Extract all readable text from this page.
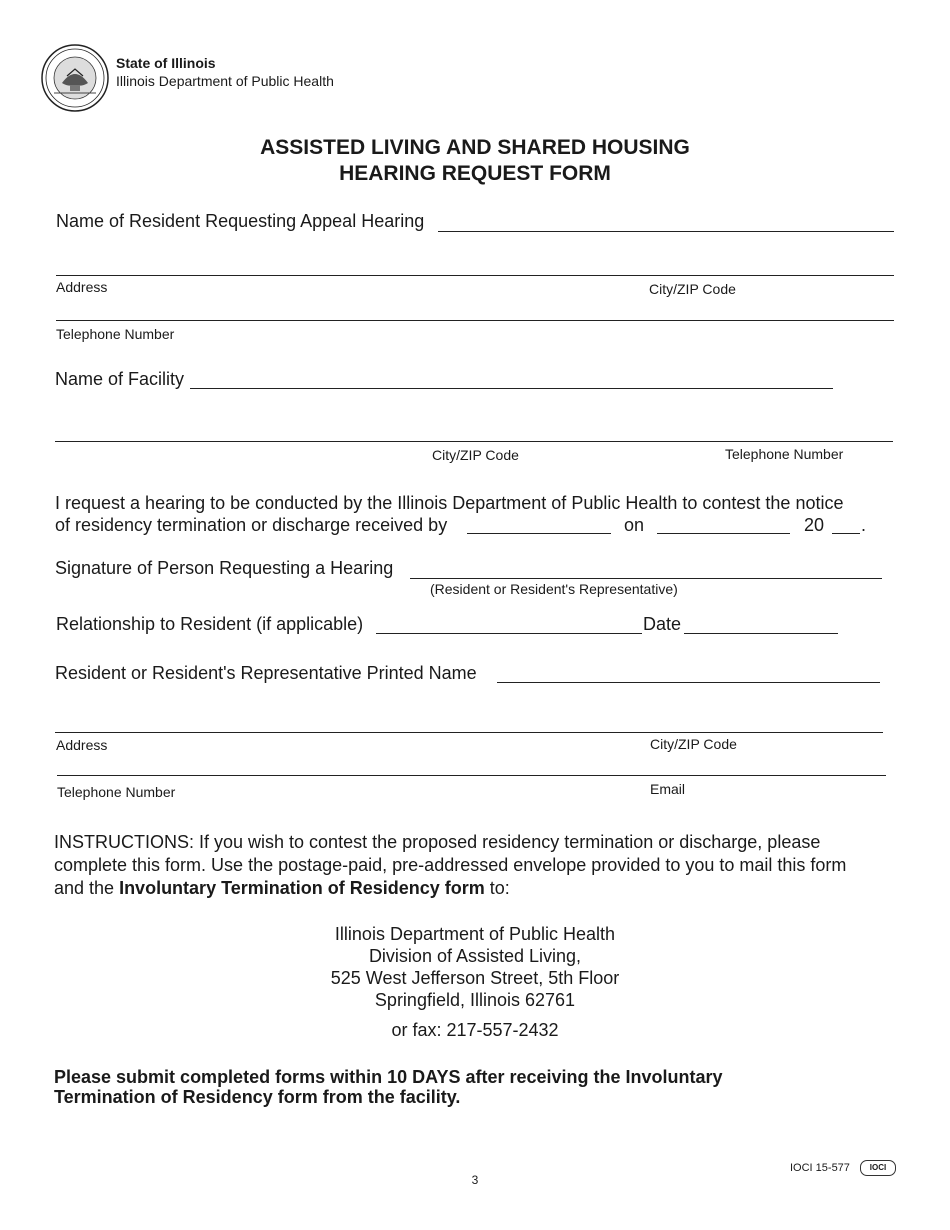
State of Illinois
Illinois Department of Public Health
ASSISTED LIVING AND SHARED HOUSING
HEARING REQUEST FORM
Name of Resident Requesting Appeal Hearing
Address	City/ZIP Code
Telephone Number
Name of Facility
City/ZIP Code	Telephone Number
I request a hearing to be conducted by the Illinois Department of Public Health to contest the notice
of residency termination or discharge received by	on	20 .
Signature of Person Requesting a Hearing
(Resident or Resident's Representative)
Relationship to Resident (if applicable)	Date
Resident or Resident's Representative Printed Name
Address	City/ZIP Code
Telephone Number	Email
INSTRUCTIONS: If you wish to contest the proposed residency termination or discharge, please
complete this form. Use the postage-paid, pre-addressed envelope provided to you to mail this form
and the Involuntary Termination of Residency form to:
Illinois Department of Public Health
Division of Assisted Living,
525 West Jefferson Street, 5th Floor
Springfield, Illinois 62761
or fax: 217-557-2432
Please submit completed forms within 10 DAYS after receiving the Involuntary
Termination of Residency form from the facility.
IOCI 15-577	IOCI
3
